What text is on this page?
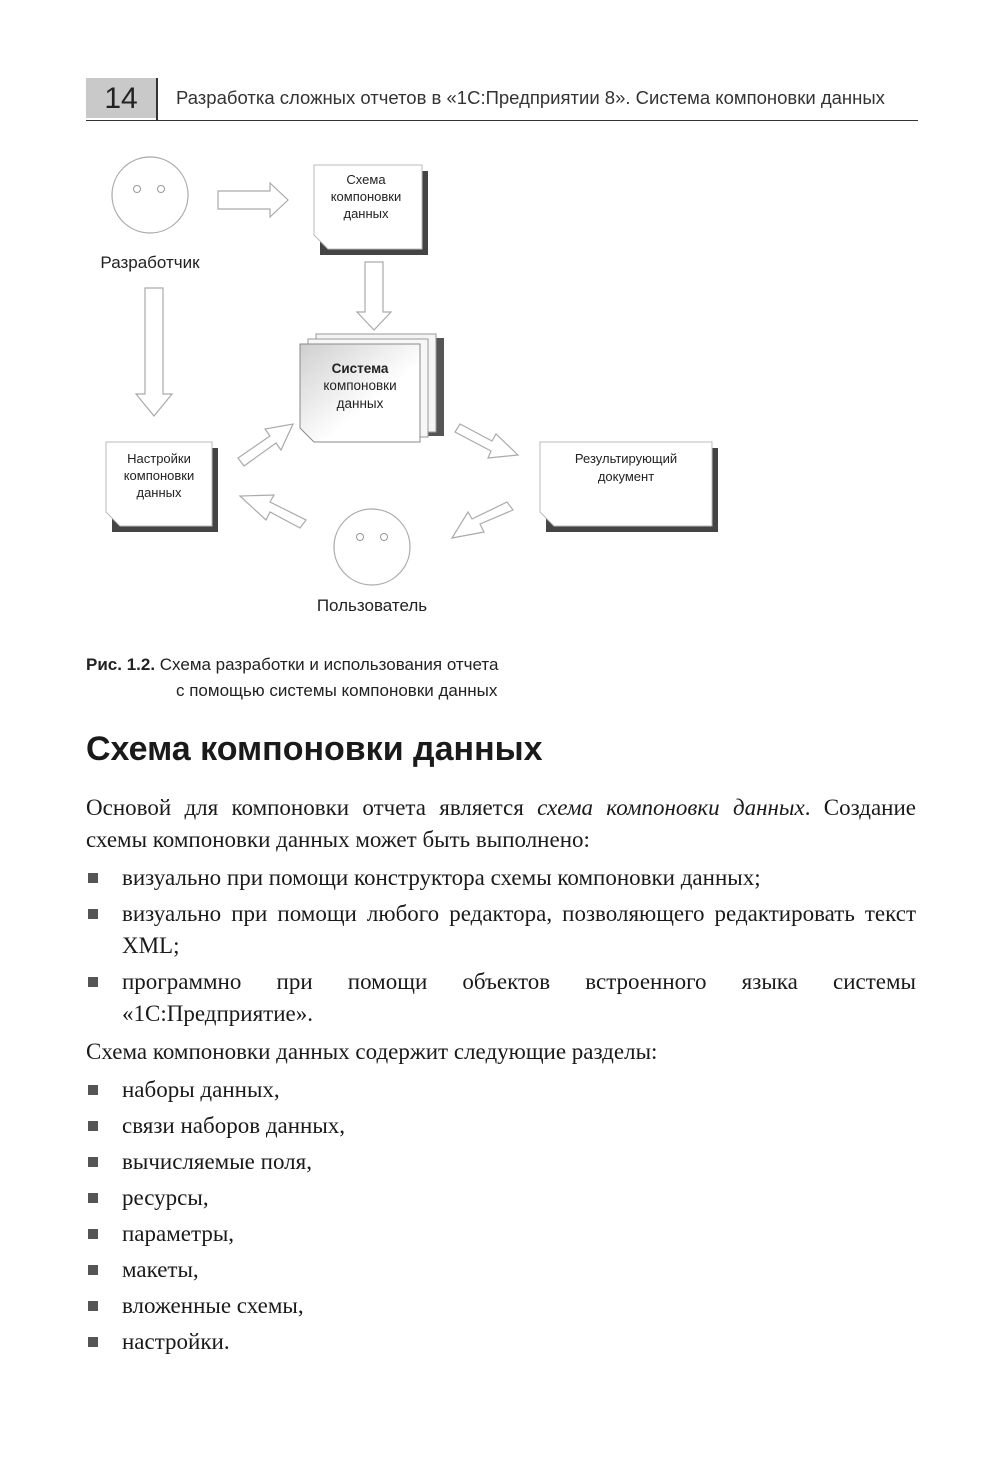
14	Разработка сложных отчетов в «1С:Предприятии 8». Система компоновки данных
Разработчик
Схема
компоновки
данных
Система
компоновки
данных
Настройки
компоновки
данных
Результирующий
документ
Пользователь
Рис. 1.2. Схема разработки и использования отчета
с помощью системы компоновки данных
Схема компоновки данных

Основой для компоновки отчета является схема компоновки данных. Создание схемы компоновки данных может быть выполнено:

визуально при помощи конструктора схемы компоновки данных;
визуально при помощи любого редактора, позволяющего редактировать текст XML;
программно при помощи объектов встроенного языка системы «1С:Предприятие».

Схема компоновки данных содержит следующие разделы:

наборы данных,
связи наборов данных,
вычисляемые поля,
ресурсы,
параметры,
макеты,
вложенные схемы,
настройки.
